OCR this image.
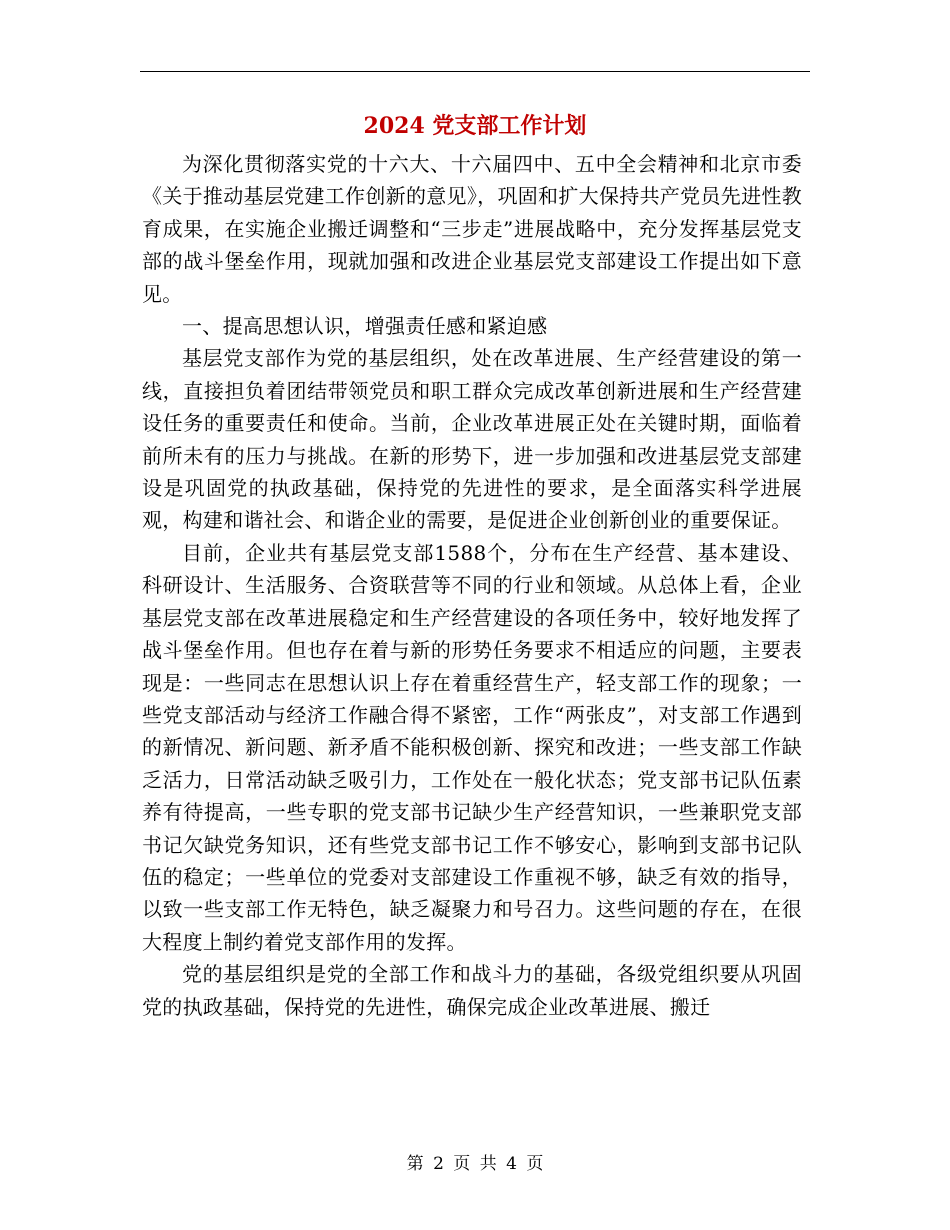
2024 党支部工作计划

为深化贯彻落实党的十六大、十六届四中、五中全会精神和北京市委《关于推动基层党建工作创新的意见》，巩固和扩大保持共产党员先进性教育成果，在实施企业搬迁调整和“三步走”进展战略中，充分发挥基层党支部的战斗堡垒作用，现就加强和改进企业基层党支部建设工作提出如下意见。

一、提高思想认识，增强责任感和紧迫感

基层党支部作为党的基层组织，处在改革进展、生产经营建设的第一线，直接担负着团结带领党员和职工群众完成改革创新进展和生产经营建设任务的重要责任和使命。当前，企业改革进展正处在关键时期，面临着前所未有的压力与挑战。在新的形势下，进一步加强和改进基层党支部建设是巩固党的执政基础，保持党的先进性的要求，是全面落实科学进展观，构建和谐社会、和谐企业的需要，是促进企业创新创业的重要保证。

目前，企业共有基层党支部1588个，分布在生产经营、基本建设、科研设计、生活服务、合资联营等不同的行业和领域。从总体上看，企业基层党支部在改革进展稳定和生产经营建设的各项任务中，较好地发挥了战斗堡垒作用。但也存在着与新的形势任务要求不相适应的问题，主要表现是：一些同志在思想认识上存在着重经营生产，轻支部工作的现象；一些党支部活动与经济工作融合得不紧密，工作“两张皮”，对支部工作遇到的新情况、新问题、新矛盾不能积极创新、探究和改进；一些支部工作缺乏活力，日常活动缺乏吸引力，工作处在一般化状态；党支部书记队伍素养有待提高，一些专职的党支部书记缺少生产经营知识，一些兼职党支部书记欠缺党务知识，还有些党支部书记工作不够安心，影响到支部书记队伍的稳定；一些单位的党委对支部建设工作重视不够，缺乏有效的指导，以致一些支部工作无特色，缺乏凝聚力和号召力。这些问题的存在，在很大程度上制约着党支部作用的发挥。

党的基层组织是党的全部工作和战斗力的基础，各级党组织要从巩固党的执政基础，保持党的先进性，确保完成企业改革进展、搬迁

第 2 页 共 4 页
